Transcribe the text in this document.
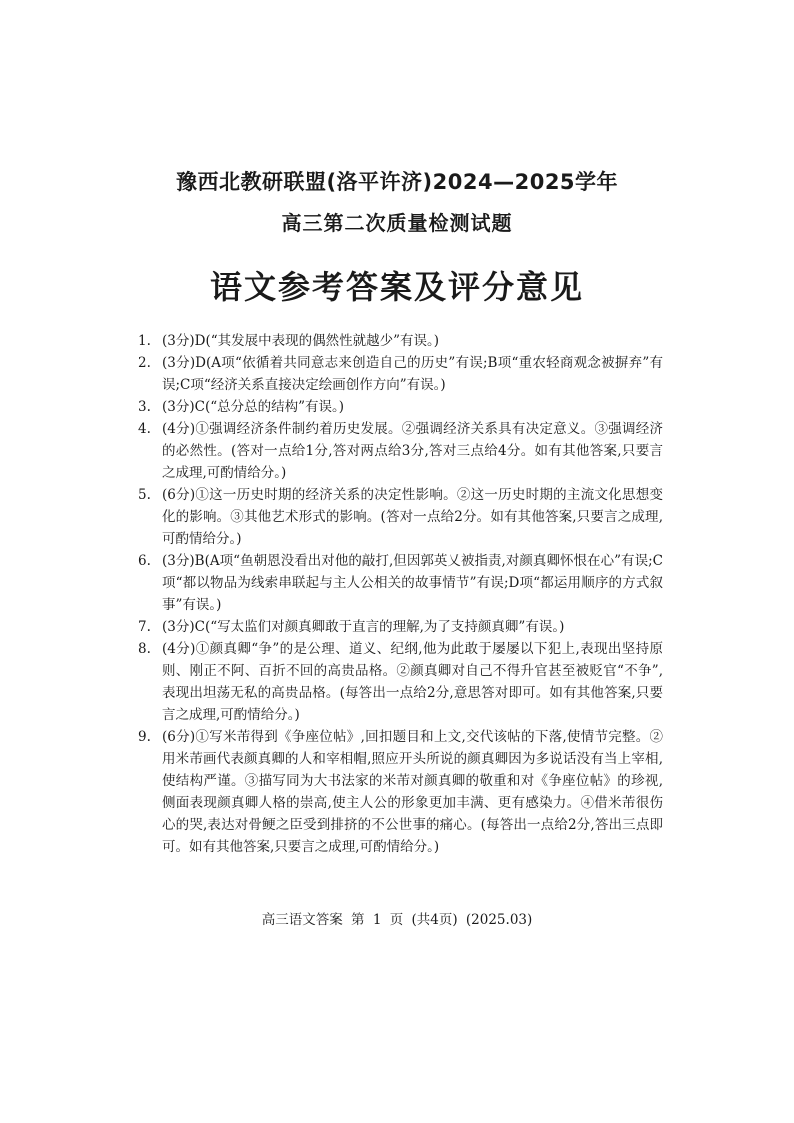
豫西北教研联盟(洛平许济)2024—2025学年
高三第二次质量检测试题
语文参考答案及评分意见

1. (3分)D(“其发展中表现的偶然性就越少”有误。)

2. (3分)D(A项“依循着共同意志来创造自己的历史”有误;B项“重农轻商观念被摒弃”有误;C项“经济关系直接决定绘画创作方向”有误。)

3. (3分)C(“总分总的结构”有误。)

4. (4分)①强调经济条件制约着历史发展。②强调经济关系具有决定意义。③强调经济的必然性。(答对一点给1分,答对两点给3分,答对三点给4分。如有其他答案,只要言之成理,可酌情给分。)

5. (6分)①这一历史时期的经济关系的决定性影响。②这一历史时期的主流文化思想变化的影响。③其他艺术形式的影响。(答对一点给2分。如有其他答案,只要言之成理,可酌情给分。)

6. (3分)B(A项“鱼朝恩没看出对他的敲打,但因郭英乂被指责,对颜真卿怀恨在心”有误;C项“都以物品为线索串联起与主人公相关的故事情节”有误;D项“都运用顺序的方式叙事”有误。)

7. (3分)C(“写太监们对颜真卿敢于直言的理解,为了支持颜真卿”有误。)

8. (4分)①颜真卿“争”的是公理、道义、纪纲,他为此敢于屡屡以下犯上,表现出坚持原则、刚正不阿、百折不回的高贵品格。②颜真卿对自己不得升官甚至被贬官“不争”,表现出坦荡无私的高贵品格。(每答出一点给2分,意思答对即可。如有其他答案,只要言之成理,可酌情给分。)

9. (6分)①写米芾得到《争座位帖》,回扣题目和上文,交代该帖的下落,使情节完整。②用米芾画代表颜真卿的人和宰相帽,照应开头所说的颜真卿因为多说话没有当上宰相,使结构严谨。③描写同为大书法家的米芾对颜真卿的敬重和对《争座位帖》的珍视,侧面表现颜真卿人格的崇高,使主人公的形象更加丰满、更有感染力。④借米芾很伤心的哭,表达对骨鲠之臣受到排挤的不公世事的痛心。(每答出一点给2分,答出三点即可。如有其他答案,只要言之成理,可酌情给分。)

高三语文答案 第 1 页 (共4页) (2025.03)
